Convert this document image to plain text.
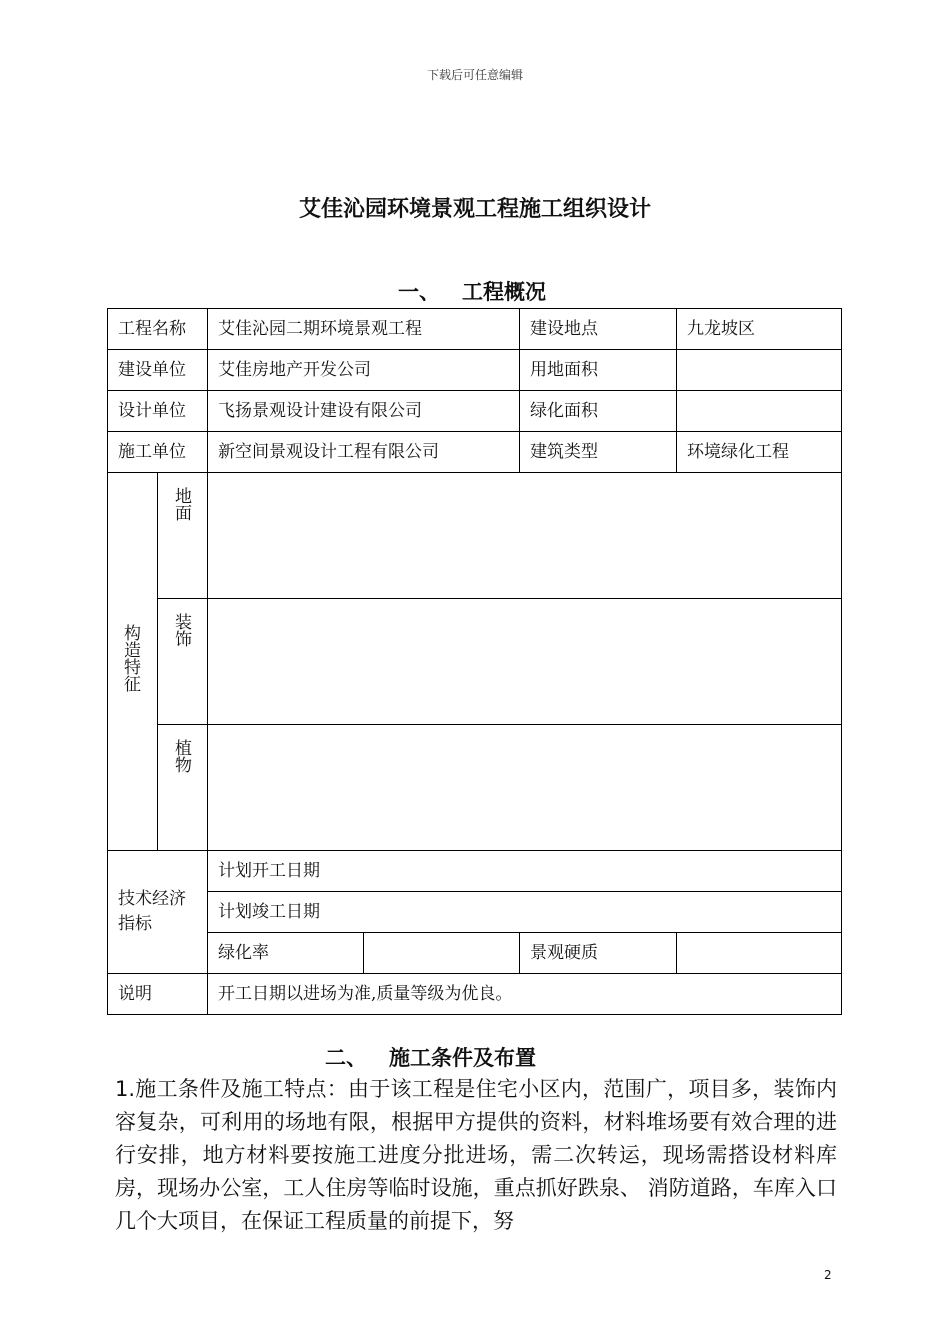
下载后可任意编辑
艾佳沁园环境景观工程施工组织设计
一、 工程概况
工程名称		艾佳沁园二期环境景观工程		建设地点	九龙坡区
建设单位		艾佳房地产开发公司		用地面积	
设计单位		飞扬景观设计建设有限公司		绿化面积	
施工单位		新空间景观设计工程有限公司		建筑类型	环境绿化工程
构造特征	地面				
	装饰				
	植物				

技术经济指标		计划开工日期			
		计划竣工日期			
		绿化率		景观硬质	
说明		开工日期以进场为准,质量等级为优良。			
二、 施工条件及布置
1.施工条件及施工特点：由于该工程是住宅小区内，范围广，项目多，装饰内容复杂，可利用的场地有限，根据甲方提供的资料，材料堆场要有效合理的进行安排，地方材料要按施工进度分批进场，需二次转运，现场需搭设材料库房，现场办公室，工人住房等临时设施，重点抓好跌泉、 消防道路，车库入口几个大项目，在保证工程质量的前提下，努
2
